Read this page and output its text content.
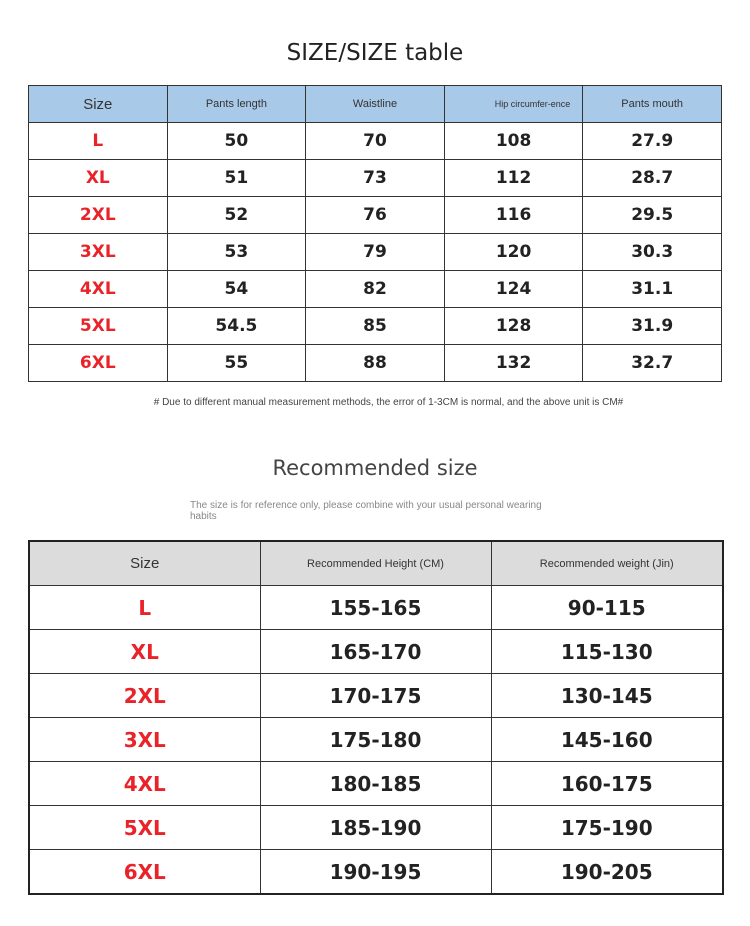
SIZE/SIZE table
Size	Pants length	Waistline	Hip circumfer-ence	Pants mouth
L	50	70	108	27.9
XL	51	73	112	28.7
2XL	52	76	116	29.5
3XL	53	79	120	30.3
4XL	54	82	124	31.1
5XL	54.5	85	128	31.9
6XL	55	88	132	32.7
# Due to different manual measurement methods, the error of 1-3CM is normal, and the above unit is CM#
Recommended size
The size is for reference only, please combine with your usual personal wearing habits
Size	Recommended Height (CM)	Recommended weight (Jin)
L	155-165	90-115
XL	165-170	115-130
2XL	170-175	130-145
3XL	175-180	145-160
4XL	180-185	160-175
5XL	185-190	175-190
6XL	190-195	190-205
